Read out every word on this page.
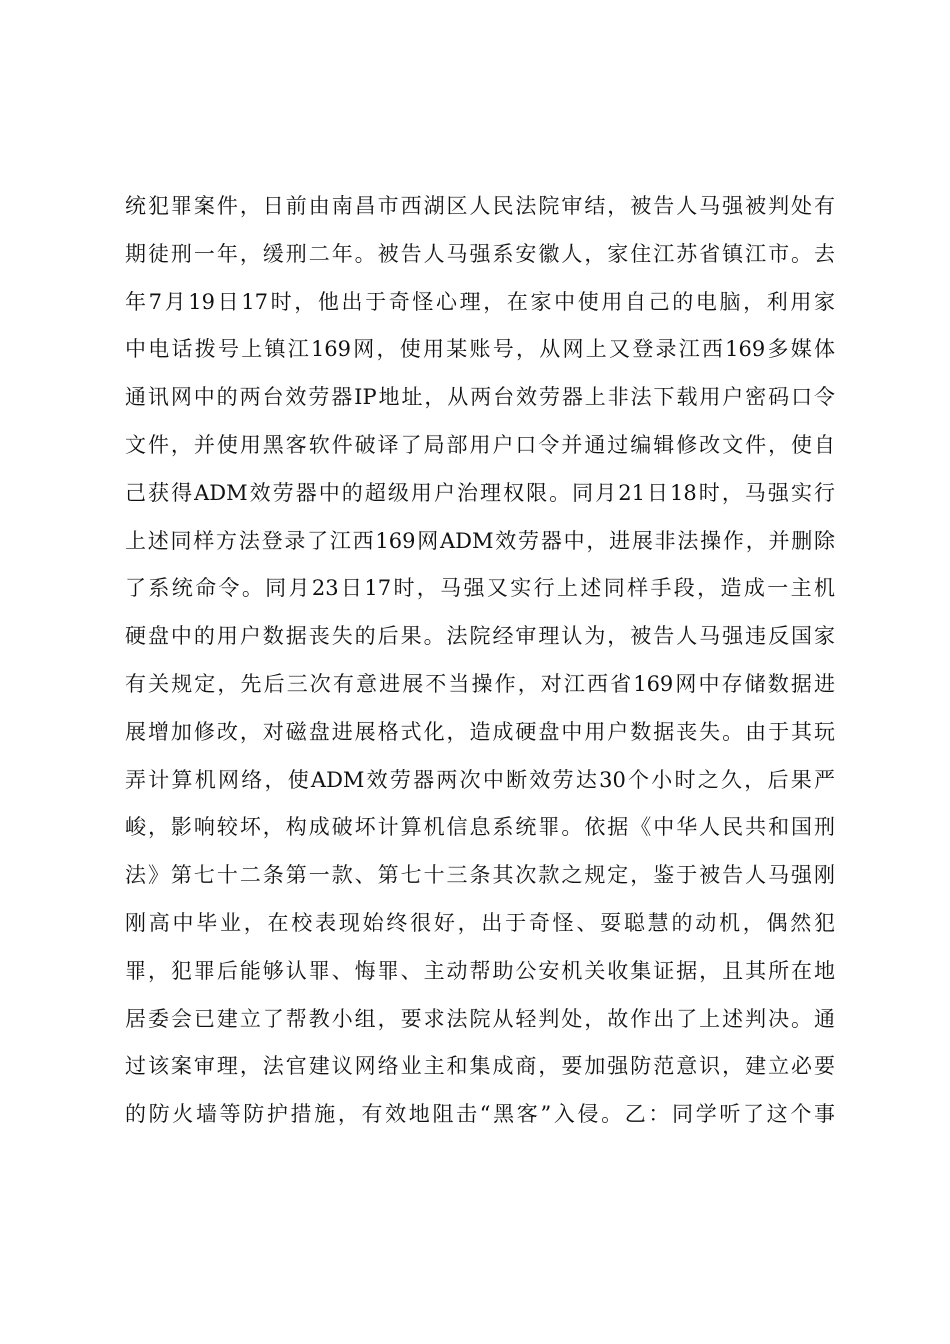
统犯罪案件，日前由南昌市西湖区人民法院审结，被告人马强被判处有
期徒刑一年，缓刑二年。被告人马强系安徽人，家住江苏省镇江市。去
年7月19日17时，他出于奇怪心理，在家中使用自己的电脑，利用家
中电话拨号上镇江169网，使用某账号，从网上又登录江西169多媒体
通讯网中的两台效劳器IP地址，从两台效劳器上非法下载用户密码口令
文件，并使用黑客软件破译了局部用户口令并通过编辑修改文件，使自
己获得ADM效劳器中的超级用户治理权限。同月21日18时，马强实行
上述同样方法登录了江西169网ADM效劳器中，进展非法操作，并删除
了系统命令。同月23日17时，马强又实行上述同样手段，造成一主机
硬盘中的用户数据丧失的后果。法院经审理认为，被告人马强违反国家
有关规定，先后三次有意进展不当操作，对江西省169网中存储数据进
展增加修改，对磁盘进展格式化，造成硬盘中用户数据丧失。由于其玩
弄计算机网络，使ADM效劳器两次中断效劳达30个小时之久，后果严
峻，影响较坏，构成破坏计算机信息系统罪。依据《中华人民共和国刑
法》第七十二条第一款、第七十三条其次款之规定，鉴于被告人马强刚
刚高中毕业，在校表现始终很好，出于奇怪、耍聪慧的动机，偶然犯
罪，犯罪后能够认罪、悔罪、主动帮助公安机关收集证据，且其所在地
居委会已建立了帮教小组，要求法院从轻判处，故作出了上述判决。通
过该案审理，法官建议网络业主和集成商，要加强防范意识，建立必要
的防火墙等防护措施，有效地阻击“黑客”入侵。乙：同学听了这个事
